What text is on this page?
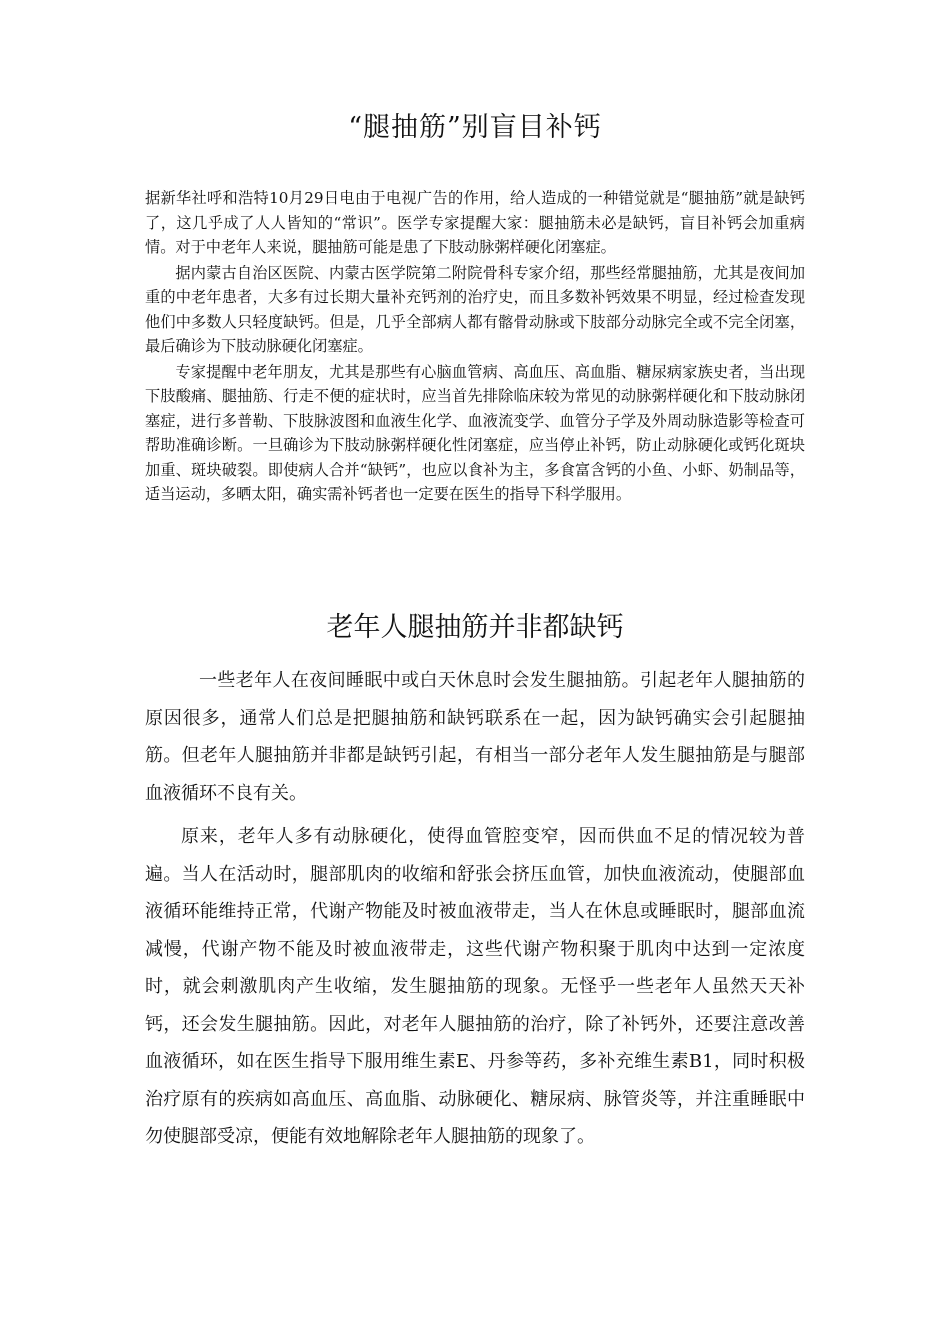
“腿抽筋”别盲目补钙

据新华社呼和浩特10月29日电由于电视广告的作用，给人造成的一种错觉就是“腿抽筋”就是缺钙了，这几乎成了人人皆知的“常识”。医学专家提醒大家：腿抽筋未必是缺钙，盲目补钙会加重病情。对于中老年人来说，腿抽筋可能是患了下肢动脉粥样硬化闭塞症。

据内蒙古自治区医院、内蒙古医学院第二附院骨科专家介绍，那些经常腿抽筋，尤其是夜间加重的中老年患者，大多有过长期大量补充钙剂的治疗史，而且多数补钙效果不明显，经过检查发现他们中多数人只轻度缺钙。但是，几乎全部病人都有髂骨动脉或下肢部分动脉完全或不完全闭塞，最后确诊为下肢动脉硬化闭塞症。

专家提醒中老年朋友，尤其是那些有心脑血管病、高血压、高血脂、糖尿病家族史者，当出现下肢酸痛、腿抽筋、行走不便的症状时，应当首先排除临床较为常见的动脉粥样硬化和下肢动脉闭塞症，进行多普勒、下肢脉波图和血液生化学、血液流变学、血管分子学及外周动脉造影等检查可帮助准确诊断。一旦确诊为下肢动脉粥样硬化性闭塞症，应当停止补钙，防止动脉硬化或钙化斑块加重、斑块破裂。即使病人合并“缺钙”，也应以食补为主，多食富含钙的小鱼、小虾、奶制品等，适当运动，多晒太阳，确实需补钙者也一定要在医生的指导下科学服用。

老年人腿抽筋并非都缺钙

一些老年人在夜间睡眠中或白天休息时会发生腿抽筋。引起老年人腿抽筋的原因很多，通常人们总是把腿抽筋和缺钙联系在一起，因为缺钙确实会引起腿抽筋。但老年人腿抽筋并非都是缺钙引起，有相当一部分老年人发生腿抽筋是与腿部血液循环不良有关。

原来，老年人多有动脉硬化，使得血管腔变窄，因而供血不足的情况较为普遍。当人在活动时，腿部肌肉的收缩和舒张会挤压血管，加快血液流动，使腿部血液循环能维持正常，代谢产物能及时被血液带走，当人在休息或睡眠时，腿部血流减慢，代谢产物不能及时被血液带走，这些代谢产物积聚于肌肉中达到一定浓度时，就会刺激肌肉产生收缩，发生腿抽筋的现象。无怪乎一些老年人虽然天天补钙，还会发生腿抽筋。因此，对老年人腿抽筋的治疗，除了补钙外，还要注意改善血液循环，如在医生指导下服用维生素E、丹参等药，多补充维生素B1，同时积极治疗原有的疾病如高血压、高血脂、动脉硬化、糖尿病、脉管炎等，并注重睡眠中勿使腿部受凉，便能有效地解除老年人腿抽筋的现象了。
